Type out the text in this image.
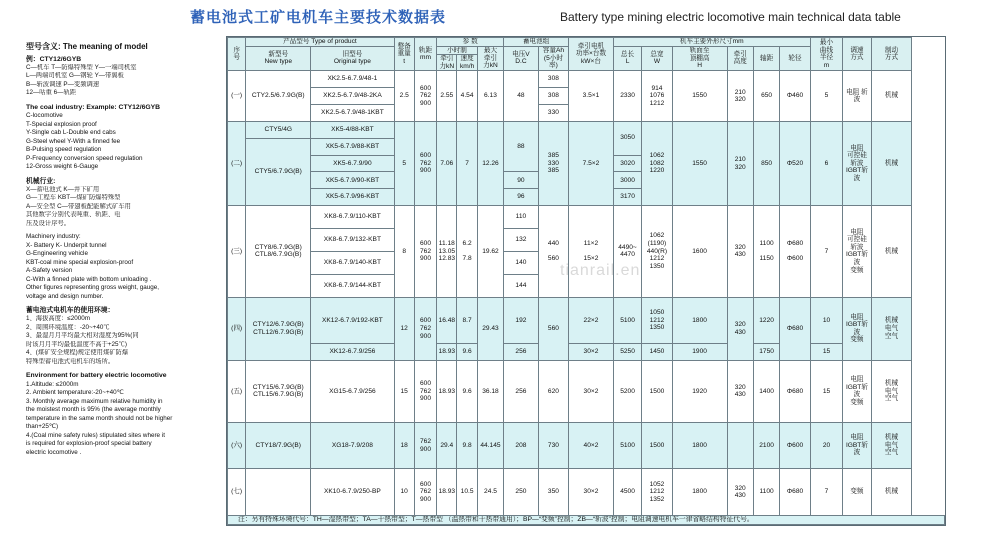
蓄电池式工矿电机车主要技术数据表	Battery type mining electric locomotive main technical data table
型号含义: The meaning of model
例：CTY12/6GYB
C—机车 T—防爆特殊型 Y—一端司机室
L—两端司机室 G—钢轮 Y—带翼板
B—斩波调速 P—变频调速
12—咕重 6—轨距
The coal industry: Example: CTY12/6GYB
C-locomotive
T-Special explosion proof
Y-Single cab L-Double end cabs
G-Steel wheel Y-With a finned fee
B-Pulsing speed regulation
P-Frequency conversion speed regulation
12-Gross weight 6-Gauge
机械行业:
X—蓄电池式 K—井下矿用
G—工程车 KBT—煤矿防爆特殊型
A—安全型 C—带翅板配能解式矿车用
其他数字分别代表吨重、轨距、电
压及设计序号。
Machinery industry:
X- Battery K- Underpit tunnel
G-Engineering vehicle
KBT-coal mine special explosion-proof
A-Safety version
C-With a finned plate with bottom unloading .
Other figures representing gross weight, gauge,
voltage and design number.
蓄电池式电机车的使用环境：
1、海拔高度：≤2000m
2、周围环境温度：-20~+40℃
3、最湿月月平均最大相对湿度为95%(同
时该月月平均最低温度不高于+25℃)
4、(煤矿安全规程)规定使用煤矿防爆
特殊型蓄电池式电机车的场所。
Environment for battery electric locomotive
1.Altitude: ≤2000m
2. Ambient temperature:-20~+40℃
3. Monthly average maximum relative humidity in
the moistest month is 95% (the average monthly
temperature in the same month should not be higher
than+25℃)
4.(Coal mine safety rules) stipulated sites where it
is required for explosion-proof special battery
electric locomotive .
序
号	产品型号 Type of product		整备
重量
t	轨距
mm	参 数			蓄电池组		牵引电机
功率×台数
kW×台	机车主要外形尺寸mm						最小
曲线
半径
m	调速
方式	制动
方式
	新型号
New type	旧型号
Original type			小时制		最大
牵引
力kN	电压V
D.C	容量Ah
(5小时率)		总长
L	总宽
W	轨面至
顶棚高
H	牵引
高度	轴距	轮径			
					牵引
力kN	速度
km/h													
(一)	CTY2.5/6.7.9G(B)	XK2.5-6.7.9/48-1	2.5	600
762
900	2.55	4.54	6.13	48	308	3.5×1	2330	914
1076
1212	1550	210
320	650	Φ460	5	电阻 斩波	机械
		XK2.5-6.7.9/48-2KA							308										
		XK2.5-6.7.9/48-1KBT							330										
(二)	CTY5/4G	XK5-4/88-KBT	5	600
762
900	7.06	7	12.26	88	385
330
385	7.5×2	3050	1062
1082
1220	1550	210
320	850	Φ520	6	电阻
可控硅斩波
IGBT斩波	机械
	CTY5/6.7.9G(B)	XK5-6.7.9/88-KBT																	
		XK5-6.7.9/90									3020								
		XK5-6.7.9/90-KBT						90			3000								
		XK5-6.7.9/96-KBT						96			3170								
(三)	CTY8/6.7.9G(B)
CTL8/6.7.9G(B)	XK8-6.7.9/110-KBT	8	600
762
900	11.18
13.05
12.83	6.2

7.8	19.62	110	440

560	11×2

15×2	4490~
4470	1062
(1190)
440(R)
1212
1350	1600	320
430	1100

1150	Φ680

Φ600	7	电阻
可控硅斩波
IGBT斩波
变频	机械
		XK8-6.7.9/132-KBT						132											
		XK8-6.7.9/140-KBT						140											
		XK8-6.7.9/144-KBT						144											
(四)	CTY12/6.7.9G(B)
CTL12/6.7.9G(B)	XK12-6.7.9/192-KBT	12	600
762
900	16.48	8.7	29.43	192	560	22×2	5100	1050
1212
1350	1800	320
430	1220	Φ680	10	电阻
IGBT斩波
变频	机械
电气
空气
		XK12-6.7.9/256			18.93	9.6		256		30×2	5250	1450	1900		1750		15		
(五)	CTY15/6.7.9G(B)
CTL15/6.7.9G(B)	XG15-6.7.9/256	15	600
762
900	18.93	9.6	36.18	256	620	30×2	5200	1500	1920	320
430	1400	Φ680	15	电阻
IGBT斩波
变频	机械
电气
空气
(六)	CTY18/7.9G(B)	XG18-7.9/208	18	762
900	29.4	9.8	44.145	208	730	40×2	5100	1500	1800		2100	Φ600	20	电阻
IGBT斩波	机械
电气
空气
(七)		XK10-6.7.9/250-BP	10	600
762
900	18.93	10.5	24.5	250	350	30×2	4500	1052
1212
1352	1800	320
430	1100	Φ680	7	变频	机械
注：另有特殊环境代号：TH—湿热带型；TA—干热带型；T—热带型 （温热带和干热带通用）；BP—“变频”控制；ZB—“斩波”控制；电阻调速电机车一律省略结构特征代号。																			
tianrail.en
